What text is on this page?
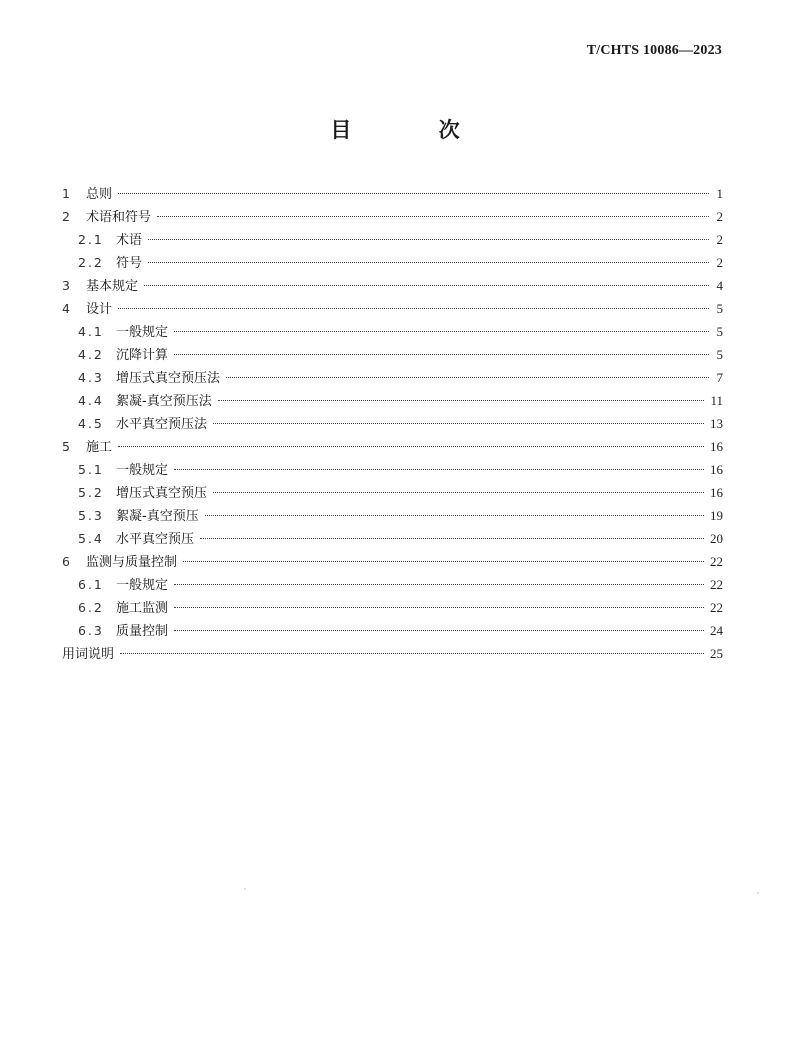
T/CHTS 10086—2023
目 次
1	总则	1
2	术语和符号	2
2.1 术语	2
2.2 符号	2
3	基本规定	4
4	设计	5
4.1 一般规定	5
4.2 沉降计算	5
4.3 增压式真空预压法	7
4.4 絮凝-真空预压法	11
4.5 水平真空预压法	13
5	施工	16
5.1 一般规定	16
5.2 增压式真空预压	16
5.3 絮凝-真空预压	19
5.4 水平真空预压	20
6	监测与质量控制	22
6.1 一般规定	22
6.2 施工监测	22
6.3 质量控制	24
用词说明	25
